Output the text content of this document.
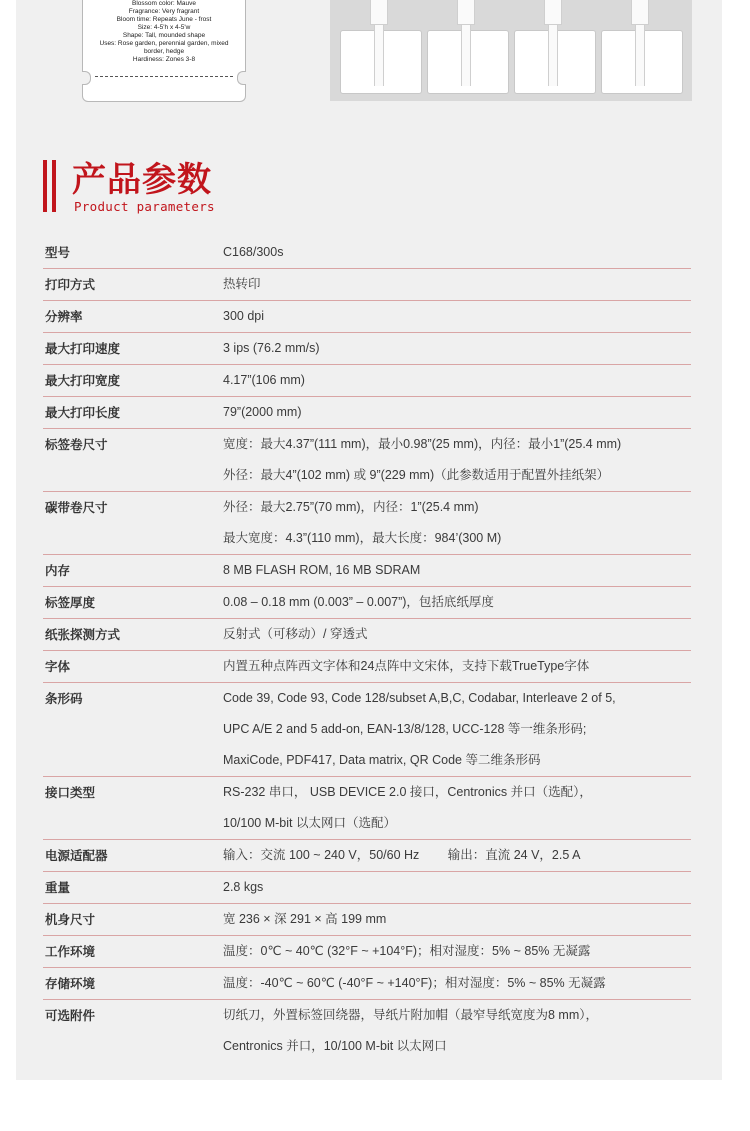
Blossom color: Mauve
Fragrance: Very fragrant
Bloom time: Repeats June - frost
Size: 4-5'h x 4-5'w
Shape: Tall, mounded shape
Uses: Rose garden, perennial garden, mixed
border, hedge
Hardiness: Zones 3-8
产品参数
Product parameters
型号	C168/300s
打印方式	热转印
分辨率	300 dpi
最大打印速度	3 ips (76.2 mm/s)
最大打印宽度	4.17”(106 mm)
最大打印长度	79”(2000 mm)
标签卷尺寸	宽度：最大4.37”(111 mm)，最小0.98”(25 mm)，内径：最小1”(25.4 mm)
外径：最大4”(102 mm) 或 9”(229 mm)（此参数适用于配置外挂纸架）
碳带卷尺寸	外径：最大2.75”(70 mm)，内径：1”(25.4 mm)
最大宽度：4.3”(110 mm)，最大长度：984’(300 M)
内存	8 MB FLASH ROM, 16 MB SDRAM
标签厚度	0.08 – 0.18 mm (0.003” – 0.007”)，包括底纸厚度
纸张探测方式	反射式（可移动）/ 穿透式
字体	内置五种点阵西文字体和24点阵中文宋体，支持下载TrueType字体
条形码	Code 39, Code 93, Code 128/subset A,B,C, Codabar, Interleave 2 of 5,
UPC A/E 2 and 5 add-on, EAN-13/8/128, UCC-128 等一维条形码;
MaxiCode, PDF417, Data matrix, QR Code 等二维条形码
接口类型	RS-232 串口， USB DEVICE 2.0 接口，Centronics 并口（选配），
10/100 M-bit 以太网口（选配）
电源适配器	输入：交流 100 ~ 240 V，50/60 Hz　　 输出：直流 24 V，2.5 A
重量	2.8 kgs
机身尺寸	宽 236 × 深 291 × 高 199 mm
工作环境	温度：0℃ ~ 40℃ (32°F ~ +104°F)；相对湿度：5% ~ 85% 无凝露
存储环境	温度：-40℃ ~ 60℃ (-40°F ~ +140°F)；相对湿度：5% ~ 85% 无凝露
可选附件	切纸刀，外置标签回绕器，导纸片附加帽（最窄导纸宽度为8 mm），
Centronics 并口，10/100 M-bit 以太网口
